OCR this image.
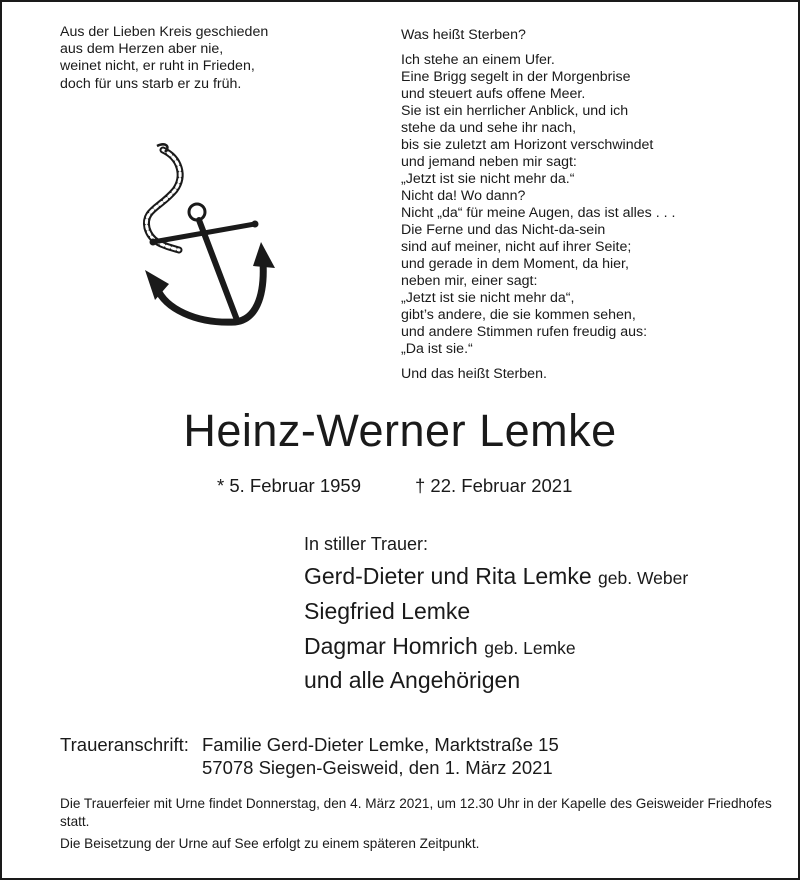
Aus der Lieben Kreis geschieden
aus dem Herzen aber nie,
weinet nicht, er ruht in Frieden,
doch für uns starb er zu früh.
Was heißt Sterben?
Ich stehe an einem Ufer.
Eine Brigg segelt in der Morgenbrise
und steuert aufs offene Meer.
Sie ist ein herrlicher Anblick, und ich
stehe da und sehe ihr nach,
bis sie zuletzt am Horizont verschwindet
und jemand neben mir sagt:
„Jetzt ist sie nicht mehr da.“
Nicht da! Wo dann?
Nicht „da“ für meine Augen, das ist alles . . .
Die Ferne und das Nicht-da-sein
sind auf meiner, nicht auf ihrer Seite;
und gerade in dem Moment, da hier,
neben mir, einer sagt:
„Jetzt ist sie nicht mehr da“,
gibt’s andere, die sie kommen sehen,
und andere Stimmen rufen freudig aus:
„Da ist sie.“
Und das heißt Sterben.
Heinz-Werner Lemke
* 5. Februar 1959	† 22. Februar 2021
In stiller Trauer:
Gerd-Dieter und Rita Lemke geb. Weber
Siegfried Lemke
Dagmar Homrich geb. Lemke
und alle Angehörigen
Traueranschrift: Familie Gerd-Dieter Lemke, Marktstraße 15
57078 Siegen-Geisweid, den 1. März 2021
Die Trauerfeier mit Urne findet Donnerstag, den 4. März 2021, um 12.30 Uhr in der Kapelle des Geisweider Friedhofes statt.
Die Beisetzung der Urne auf See erfolgt zu einem späteren Zeitpunkt.
